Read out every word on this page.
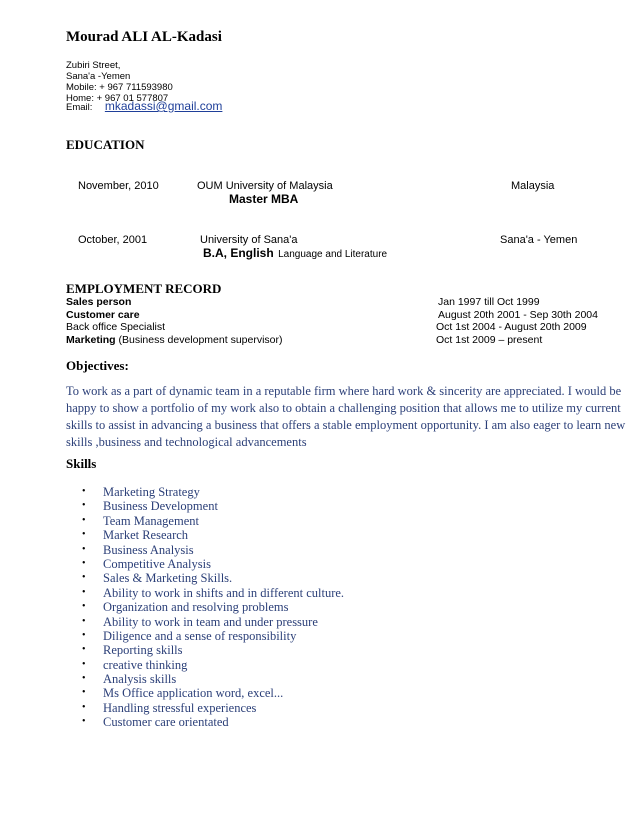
Mourad ALI AL-Kadasi
Zubiri Street,
Sana'a -Yemen
Mobile: + 967 711593980
Home: + 967 01 577807
Email: mkadassi@gmail.com
EDUCATION
November, 2010	OUM University of Malaysia	Malaysia
Master MBA
October, 2001	University of Sana'a	Sana'a - Yemen
B.A, English Language and Literature
EMPLOYMENT RECORD
Sales person	Jan 1997 till Oct 1999
Customer care	August 20th 2001 - Sep 30th 2004
Back office Specialist	Oct 1st 2004 - August 20th 2009
Marketing (Business development supervisor)	Oct 1st 2009 – present
Objectives:
To work as a part of dynamic team in a reputable firm where hard work & sincerity are appreciated. I would be happy to show a portfolio of my work also to obtain a challenging position that allows me to utilize my current skills to assist in advancing a business that offers a stable employment opportunity. I am also eager to learn new skills ,business and technological advancements
Skills
• Marketing Strategy
• Business Development
• Team Management
• Market Research
• Business Analysis
• Competitive Analysis
• Sales & Marketing Skills.
• Ability to work in shifts and in different culture.
• Organization and resolving problems
• Ability to work in team and under pressure
• Diligence and a sense of responsibility
• Reporting skills
• creative thinking
• Analysis skills
• Ms Office application word, excel...
• Handling stressful experiences
• Customer care orientated
